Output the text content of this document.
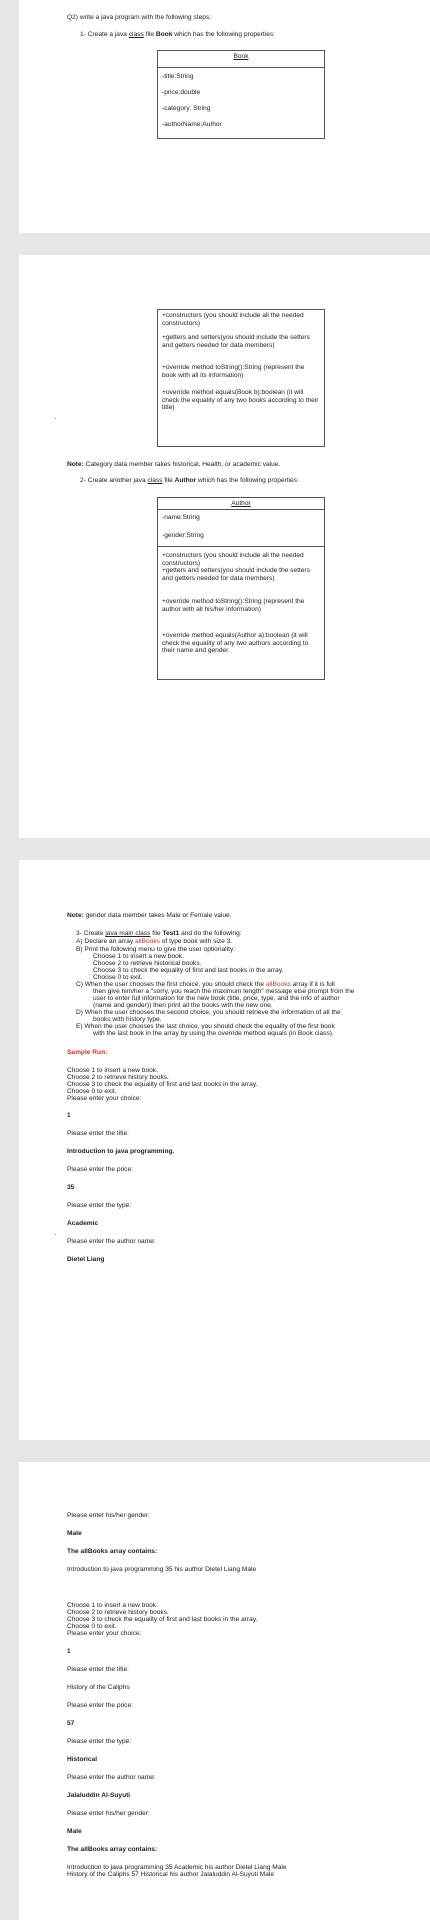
Q2) write a java program with the following steps:
1- Create a java class file Book which has the following properties:
Book
-title:String
-price:double
-category: String
-authorName:Author
+constructors (you should include all the needed constructors)
+getters and setters(you should include the setters and getters needed for data members)
+override method toString():String (represent the book with all its information)
+override method equals(Book b):boolean (it will check the equality of any two books according to their title)
Note: Category data member takes historical, Health, or academic value.
2- Create another java class file Author which has the following properties:
Author
-name:String
-gender:String
+constructors (you should include all the needed constructors)
+getters and setters(you should include the setters and getters needed for data members)
+override method toString():String (represent the author with all his/her information)
+override method equals(Author a):boolean (it will check the equality of any two authors according to their name and gender.
Note: gender data member takes Male or Female value.
3- Create java main class file Test1 and do the following:
A) Declare an array allBooks of type book with size 3.
B) Print the following menu to give the user optionality:
Choose 1 to insert a new book.
Choose 2 to retrieve historical books.
Choose 3 to check the equality of first and last books in the array.
Choose 0 to exit.
C) When the user chooses the first choice, you should check the allBooks array if it is full
then give him/her a "sorry, you reach the maximum length" message else prompt from the
user to enter full information for the new book (title, price, type, and the info of author
(name and gender)) then print all the books with the new one.
D) When the user chooses the second choice, you should retrieve the information of all the
books with history type.
E) When the user chooses the last choice, you should check the equality of the first book
with the last book in the array by using the override method equals (in Book class).
Sample Run:
Choose 1 to insert a new book.
Choose 2 to retrieve history books.
Choose 3 to check the equality of first and last books in the array.
Choose 0 to exit.
Please enter your choice:
1
Please enter the title:
Introduction to java programming.
Please enter the price:
35
Please enter the type:
Academic
Please enter the author name:
Dietel Liang
Please enter his/her gender:
Male
The allBooks array contains:
Introduction to java programming 35 his author Dietel Liang Male
Choose 1 to insert a new book.
Choose 2 to retrieve history books.
Choose 3 to check the equality of first and last books in the array.
Choose 0 to exit.
Please enter your choice:
1
Please enter the title:
History of the Caliphs
Please enter the price:
57
Please enter the type:
Historical
Please enter the author name:
Jalaluddin Al-Suyuti
Please enter his/her gender:
Male
The allBooks array contains:
Introduction to java programming 35 Academic his author Dietel Liang Male
History of the Caliphs 57 Historical his author Jalaluddin Al-Suyuti Male
